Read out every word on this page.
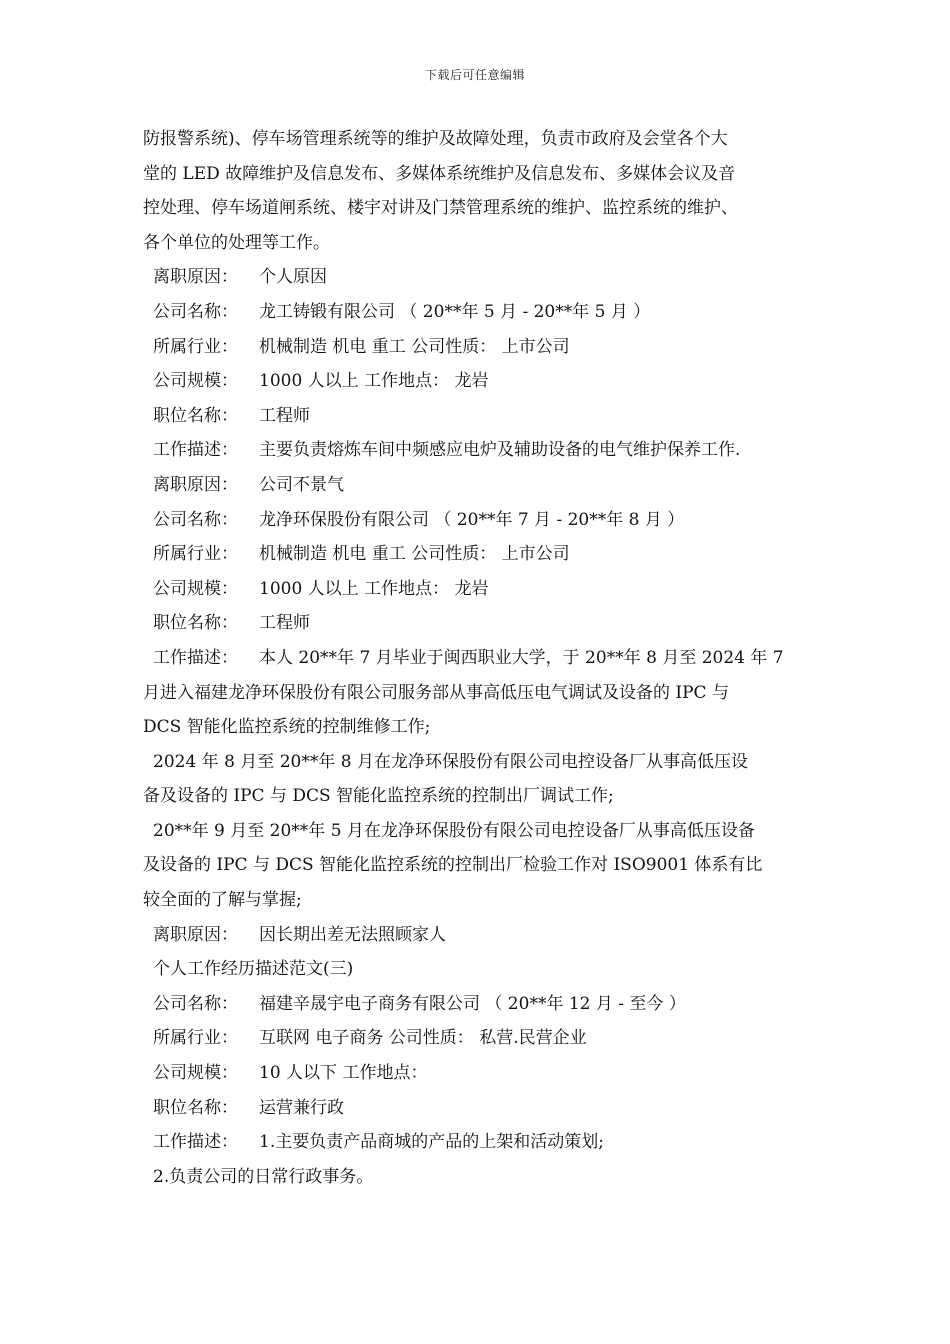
下载后可任意编辑
防报警系统)、停车场管理系统等的维护及故障处理，负责市政府及会堂各个大
堂的 LED 故障维护及信息发布、多媒体系统维护及信息发布、多媒体会议及音
控处理、停车场道闸系统、楼宇对讲及门禁管理系统的维护、监控系统的维护、
各个单位的处理等工作。
离职原因： 个人原因
公司名称： 龙工铸锻有限公司 （ 20**年 5 月 - 20**年 5 月 ）
所属行业： 机械制造 机电 重工 公司性质： 上市公司
公司规模： 1000 人以上 工作地点： 龙岩
职位名称： 工程师
工作描述： 主要负责熔炼车间中频感应电炉及辅助设备的电气维护保养工作.
离职原因： 公司不景气
公司名称： 龙净环保股份有限公司 （ 20**年 7 月 - 20**年 8 月 ）
所属行业： 机械制造 机电 重工 公司性质： 上市公司
公司规模： 1000 人以上 工作地点： 龙岩
职位名称： 工程师
工作描述： 本人 20**年 7 月毕业于闽西职业大学，于 20**年 8 月至 2024 年 7
月进入福建龙净环保股份有限公司服务部从事高低压电气调试及设备的 IPC 与
DCS 智能化监控系统的控制维修工作;
2024 年 8 月至 20**年 8 月在龙净环保股份有限公司电控设备厂从事高低压设
备及设备的 IPC 与 DCS 智能化监控系统的控制出厂调试工作;
20**年 9 月至 20**年 5 月在龙净环保股份有限公司电控设备厂从事高低压设备
及设备的 IPC 与 DCS 智能化监控系统的控制出厂检验工作对 ISO9001 体系有比
较全面的了解与掌握;
离职原因： 因长期出差无法照顾家人
个人工作经历描述范文(三)
公司名称： 福建辛晟宇电子商务有限公司 （ 20**年 12 月 - 至今 ）
所属行业： 互联网 电子商务 公司性质： 私营.民营企业
公司规模： 10 人以下 工作地点：
职位名称： 运营兼行政
工作描述： 1.主要负责产品商城的产品的上架和活动策划;
2.负责公司的日常行政事务。
